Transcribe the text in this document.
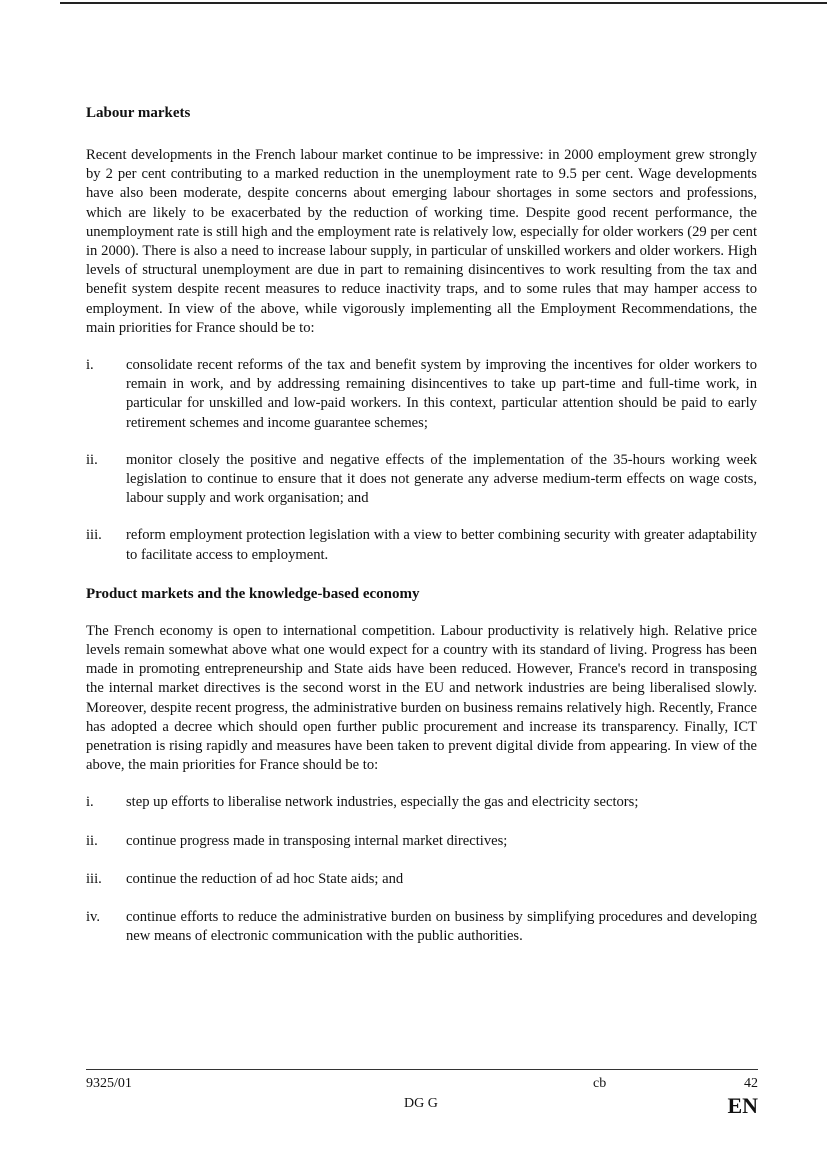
Labour markets

Recent developments in the French labour market continue to be impressive: in 2000 employment grew strongly by 2 per cent contributing to a marked reduction in the unemployment rate to 9.5 per cent. Wage developments have also been moderate, despite concerns about emerging labour shortages in some sectors and professions, which are likely to be exacerbated by the reduction of working time. Despite good recent performance, the unemployment rate is still high and the employment rate is relatively low, especially for older workers (29 per cent in 2000). There is also a need to increase labour supply, in particular of unskilled workers and older workers. High levels of structural unemployment are due in part to remaining disincentives to work resulting from the tax and benefit system despite recent measures to reduce inactivity traps, and to some rules that may hamper access to employment. In view of the above, while vigorously implementing all the Employment Recommendations, the main priorities for France should be to:

i. consolidate recent reforms of the tax and benefit system by improving the incentives for older workers to remain in work, and by addressing remaining disincentives to take up part-time and full-time work, in particular for unskilled and low-paid workers. In this context, particular attention should be paid to early retirement schemes and income guarantee schemes;
ii. monitor closely the positive and negative effects of the implementation of the 35-hours working week legislation to continue to ensure that it does not generate any adverse medium-term effects on wage costs, labour supply and work organisation; and
iii. reform employment protection legislation with a view to better combining security with greater adaptability to facilitate access to employment.
Product markets and the knowledge-based economy

The French economy is open to international competition. Labour productivity is relatively high. Relative price levels remain somewhat above what one would expect for a country with its standard of living. Progress has been made in promoting entrepreneurship and State aids have been reduced. However, France's record in transposing the internal market directives is the second worst in the EU and network industries are being liberalised slowly. Moreover, despite recent progress, the administrative burden on business remains relatively high. Recently, France has adopted a decree which should open further public procurement and increase its transparency. Finally, ICT penetration is rising rapidly and measures have been taken to prevent digital divide from appearing. In view of the above, the main priorities for France should be to:

i. step up efforts to liberalise network industries, especially the gas and electricity sectors;
ii. continue progress made in transposing internal market directives;
iii. continue the reduction of ad hoc State aids; and
iv. continue efforts to reduce the administrative burden on business by simplifying procedures and developing new means of electronic communication with the public authorities.
9325/01	cb	42
DG G	EN
